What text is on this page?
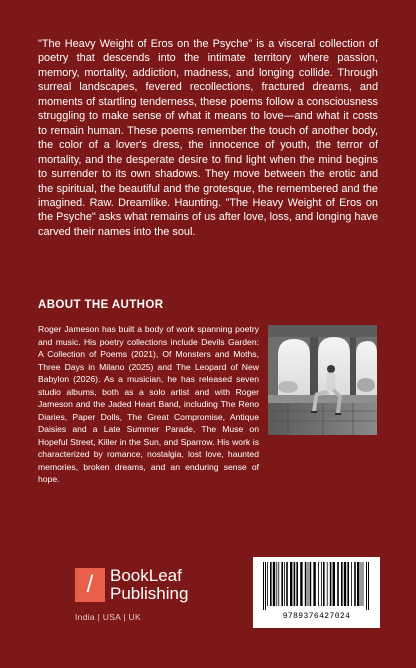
"The Heavy Weight of Eros on the Psyche" is a visceral collection of poetry that descends into the intimate territory where passion, memory, mortality, addiction, madness, and longing collide. Through surreal landscapes, fevered recollections, fractured dreams, and moments of startling tenderness, these poems follow a consciousness struggling to make sense of what it means to love—and what it costs to remain human. These poems remember the touch of another body, the color of a lover's dress, the innocence of youth, the terror of mortality, and the desperate desire to find light when the mind begins to surrender to its own shadows. They move between the erotic and the spiritual, the beautiful and the grotesque, the remembered and the imagined. Raw. Dreamlike. Haunting. "The Heavy Weight of Eros on the Psyche" asks what remains of us after love, loss, and longing have carved their names into the soul.

ABOUT THE AUTHOR

Roger Jameson has built a body of work spanning poetry and music. His poetry collections include Devils Garden: A Collection of Poems (2021), Of Monsters and Moths, Three Days in Milano (2025) and The Leopard of New Babylon (2026). As a musician, he has released seven studio albums, both as a solo artist and with Roger Jameson and the Jaded Heart Band, including The Reno Diaries, Paper Dolls, The Great Compromise, Antique Daisies and a Late Summer Parade, The Muse on Hopeful Street, Killer in the Sun, and Sparrow. His work is characterized by romance, nostalgia, lost love, haunted memories, broken dreams, and an enduring sense of hope.

/ BookLeaf
Publishing
India | USA | UK	9789376427024
